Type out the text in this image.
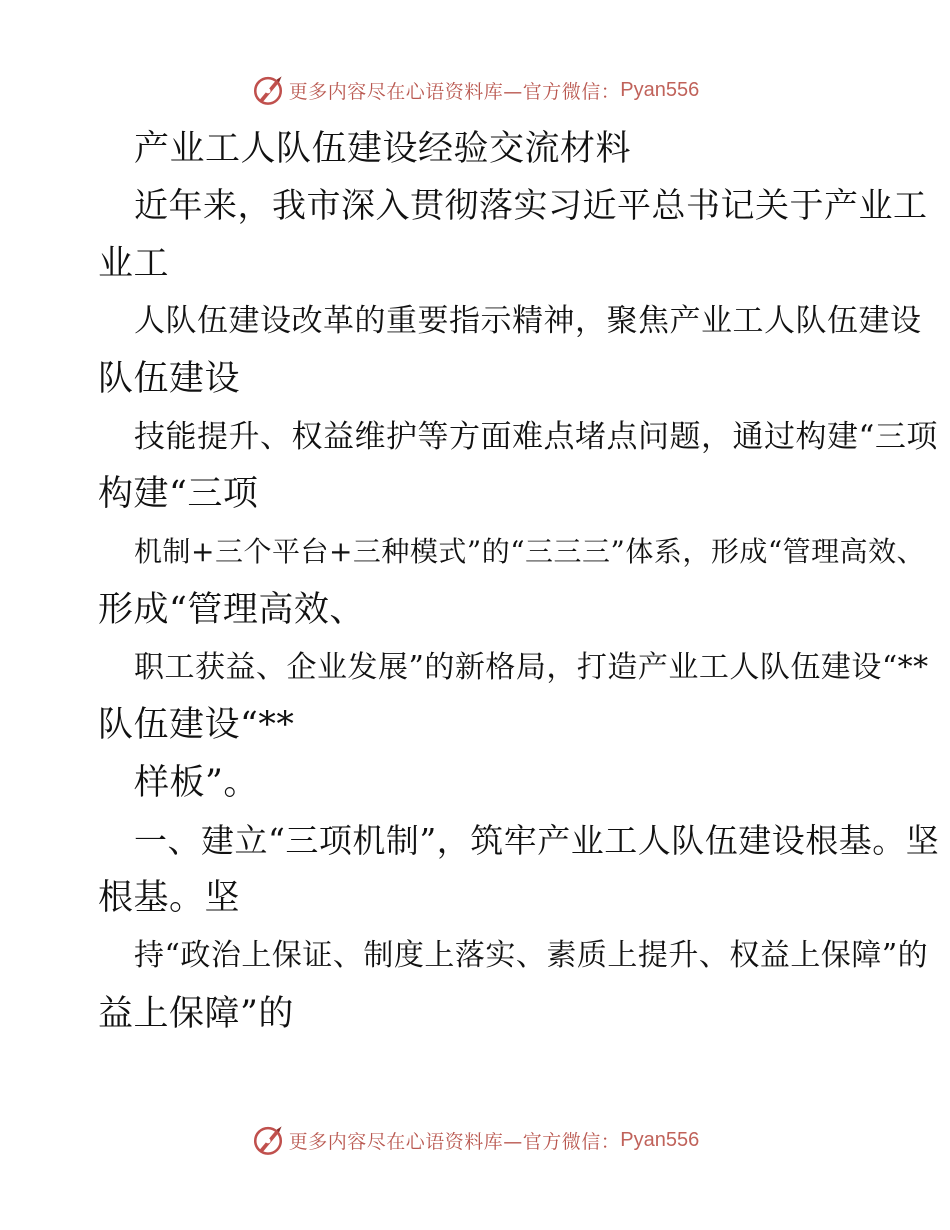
更多内容尽在心语资料库—官方微信： Pyan556
产业工人队伍建设经验交流材料
近年来，我市深入贯彻落实习近平总书记关于产业工
业工
人队伍建设改革的重要指示精神，聚焦产业工人队伍建设
队伍建设
技能提升、权益维护等方面难点堵点问题，通过构建“三项
构建“三项
机制+三个平台+三种模式”的“三三三”体系，形成“管理高效、
形成“管理高效、
职工获益、企业发展”的新格局，打造产业工人队伍建设“**
队伍建设“**
样板”。
一、建立“三项机制”，筑牢产业工人队伍建设根基。坚
根基。坚
持“政治上保证、制度上落实、素质上提升、权益上保障”的
益上保障”的
更多内容尽在心语资料库—官方微信： Pyan556
